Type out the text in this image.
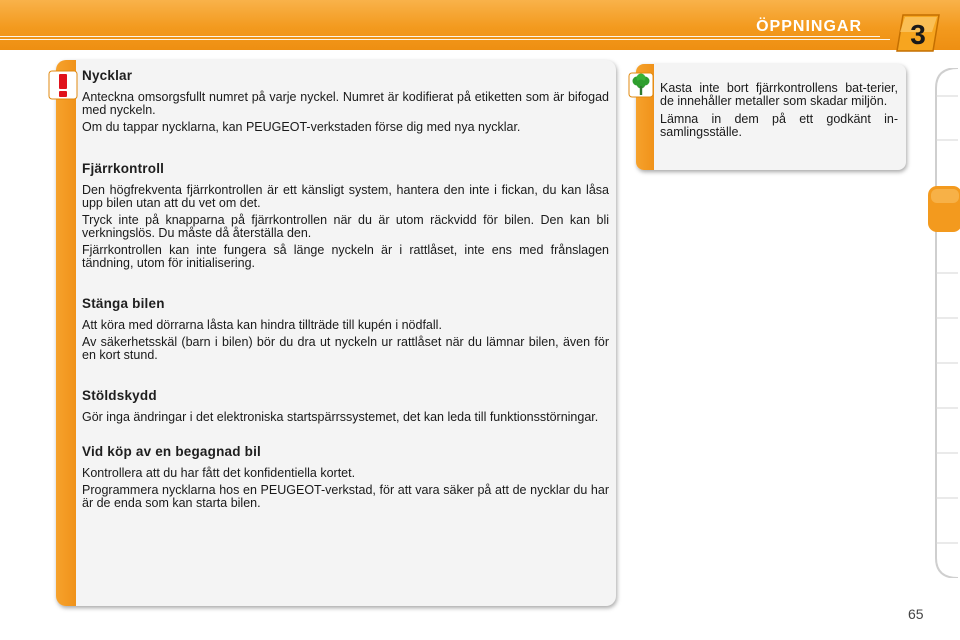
ÖPPNINGAR 3
Nycklar

Anteckna omsorgsfullt numret på varje nyckel. Numret är kodifierat på etiketten som är bifogad med nyckeln.

Om du tappar nycklarna, kan PEUGEOT-verkstaden förse dig med nya nycklar.

Fjärrkontroll

Den högfrekventa fjärrkontrollen är ett känsligt system, hantera den inte i fickan, du kan låsa upp bilen utan att du vet om det.

Tryck inte på knapparna på fjärrkontrollen när du är utom räckvidd för bilen. Den kan bli verkningslös. Du måste då återställa den.

Fjärrkontrollen kan inte fungera så länge nyckeln är i rattlåset, inte ens med frånslagen tändning, utom för initialisering.

Stänga bilen

Att köra med dörrarna låsta kan hindra tillträde till kupén i nödfall.

Av säkerhetsskäl (barn i bilen) bör du dra ut nyckeln ur rattlåset när du lämnar bilen, även för en kort stund.

Stöldskydd

Gör inga ändringar i det elektroniska startspärrssystemet, det kan leda till funktionsstörningar.

Vid köp av en begagnad bil

Kontrollera att du har fått det konfidentiella kortet.

Programmera nycklarna hos en PEUGEOT-verkstad, för att vara säker på att de nycklar du har är de enda som kan starta bilen.

Kasta inte bort fjärrkontrollens bat-terier, de innehåller metaller som skadar miljön.

Lämna in dem på ett godkänt in-samlingsställe.

65
